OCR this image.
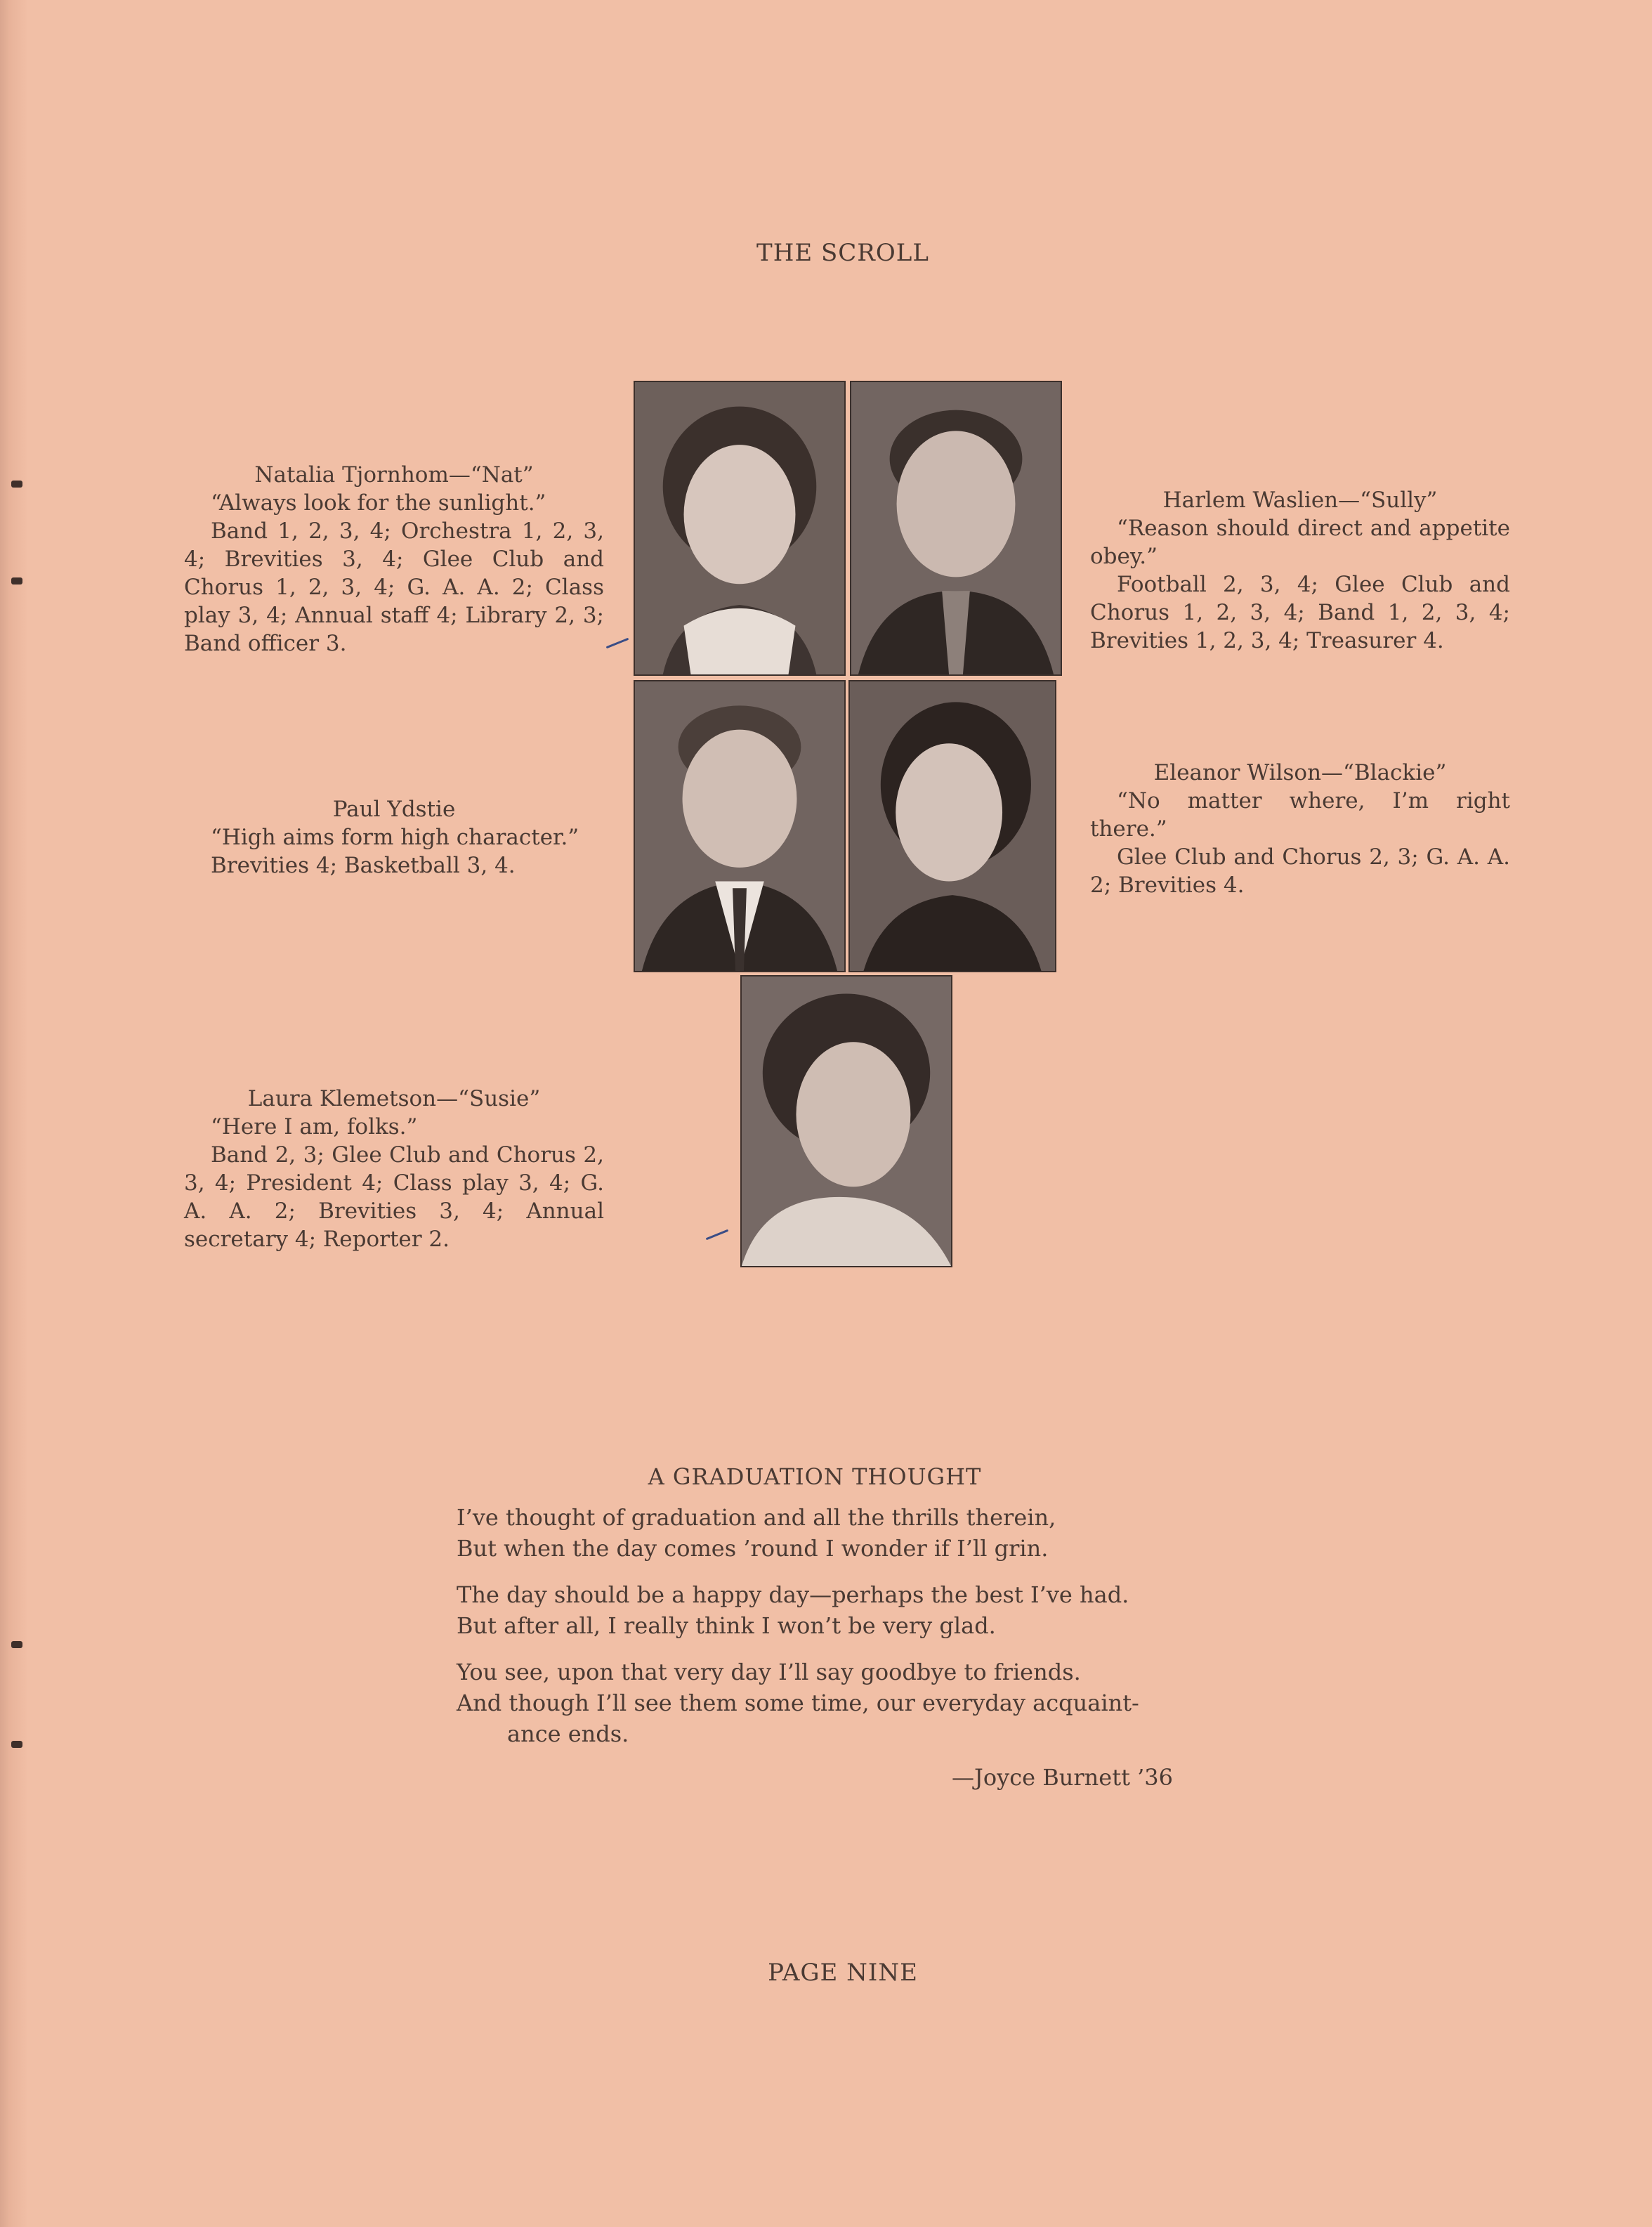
THE SCROLL
Natalia Tjornhom—“Nat”
“Always look for the sunlight.”
Band 1, 2, 3, 4; Orchestra 1, 2, 3, 4; Brevities 3, 4; Glee Club and Chorus 1, 2, 3, 4; G. A. A. 2; Class play 3, 4; Annual staff 4; Library 2, 3; Band officer 3.
Harlem Waslien—“Sully”
“Reason should direct and appetite obey.”
Football 2, 3, 4; Glee Club and Chorus 1, 2, 3, 4; Band 1, 2, 3, 4; Brevities 1, 2, 3, 4; Treasurer 4.
Paul Ydstie
“High aims form high character.”
Brevities 4; Basketball 3, 4.
Eleanor Wilson—“Blackie”
“No matter where, I’m right there.”
Glee Club and Chorus 2, 3; G. A. A. 2; Brevities 4.
Laura Klemetson—“Susie”
“Here I am, folks.”
Band 2, 3; Glee Club and Chorus 2, 3, 4; President 4; Class play 3, 4; G. A. A. 2; Brevities 3, 4; Annual secretary 4; Reporter 2.
A GRADUATION THOUGHT
I’ve thought of graduation and all the thrills therein,
But when the day comes ’round I wonder if I’ll grin.
The day should be a happy day—perhaps the best I’ve had.
But after all, I really think I won’t be very glad.
You see, upon that very day I’ll say goodbye to friends.
And though I’ll see them some time, our everyday acquaint-
ance ends.
—Joyce Burnett ’36
PAGE NINE
